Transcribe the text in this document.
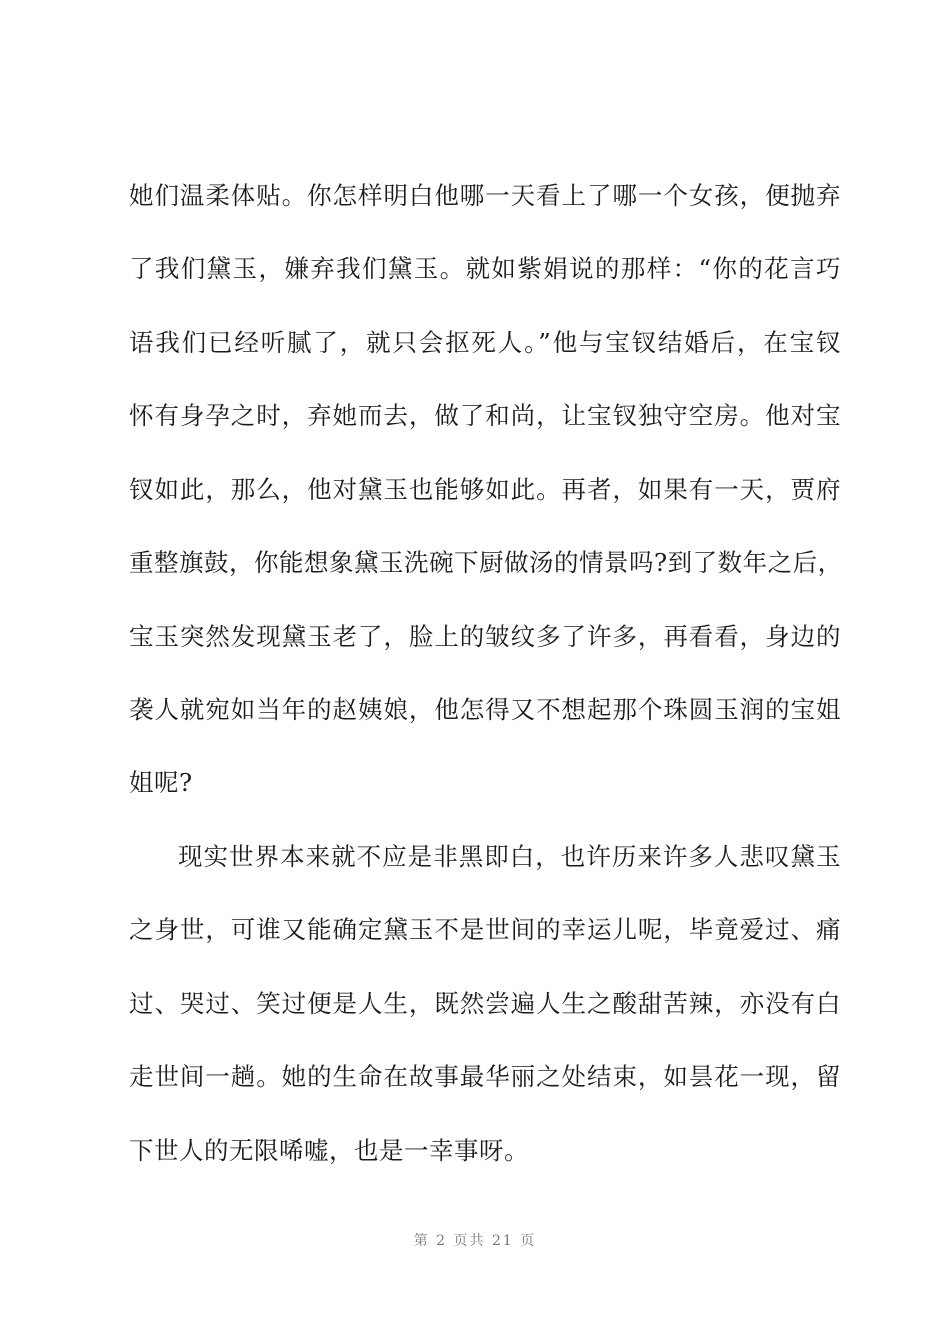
她们温柔体贴。你怎样明白他哪一天看上了哪一个女孩，便抛弃
了我们黛玉，嫌弃我们黛玉。就如紫娟说的那样：“你的花言巧
语我们已经听腻了，就只会抠死人。”他与宝钗结婚后，在宝钗
怀有身孕之时，弃她而去，做了和尚，让宝钗独守空房。他对宝
钗如此，那么，他对黛玉也能够如此。再者，如果有一天，贾府
重整旗鼓，你能想象黛玉洗碗下厨做汤的情景吗?到了数年之后，
宝玉突然发现黛玉老了，脸上的皱纹多了许多，再看看，身边的
袭人就宛如当年的赵姨娘，他怎得又不想起那个珠圆玉润的宝姐
姐呢?
现实世界本来就不应是非黑即白，也许历来许多人悲叹黛玉
之身世，可谁又能确定黛玉不是世间的幸运儿呢，毕竟爱过、痛
过、哭过、笑过便是人生，既然尝遍人生之酸甜苦辣，亦没有白
走世间一趟。她的生命在故事最华丽之处结束，如昙花一现，留
下世人的无限唏嘘，也是一幸事呀。
第 2 页共 21 页
